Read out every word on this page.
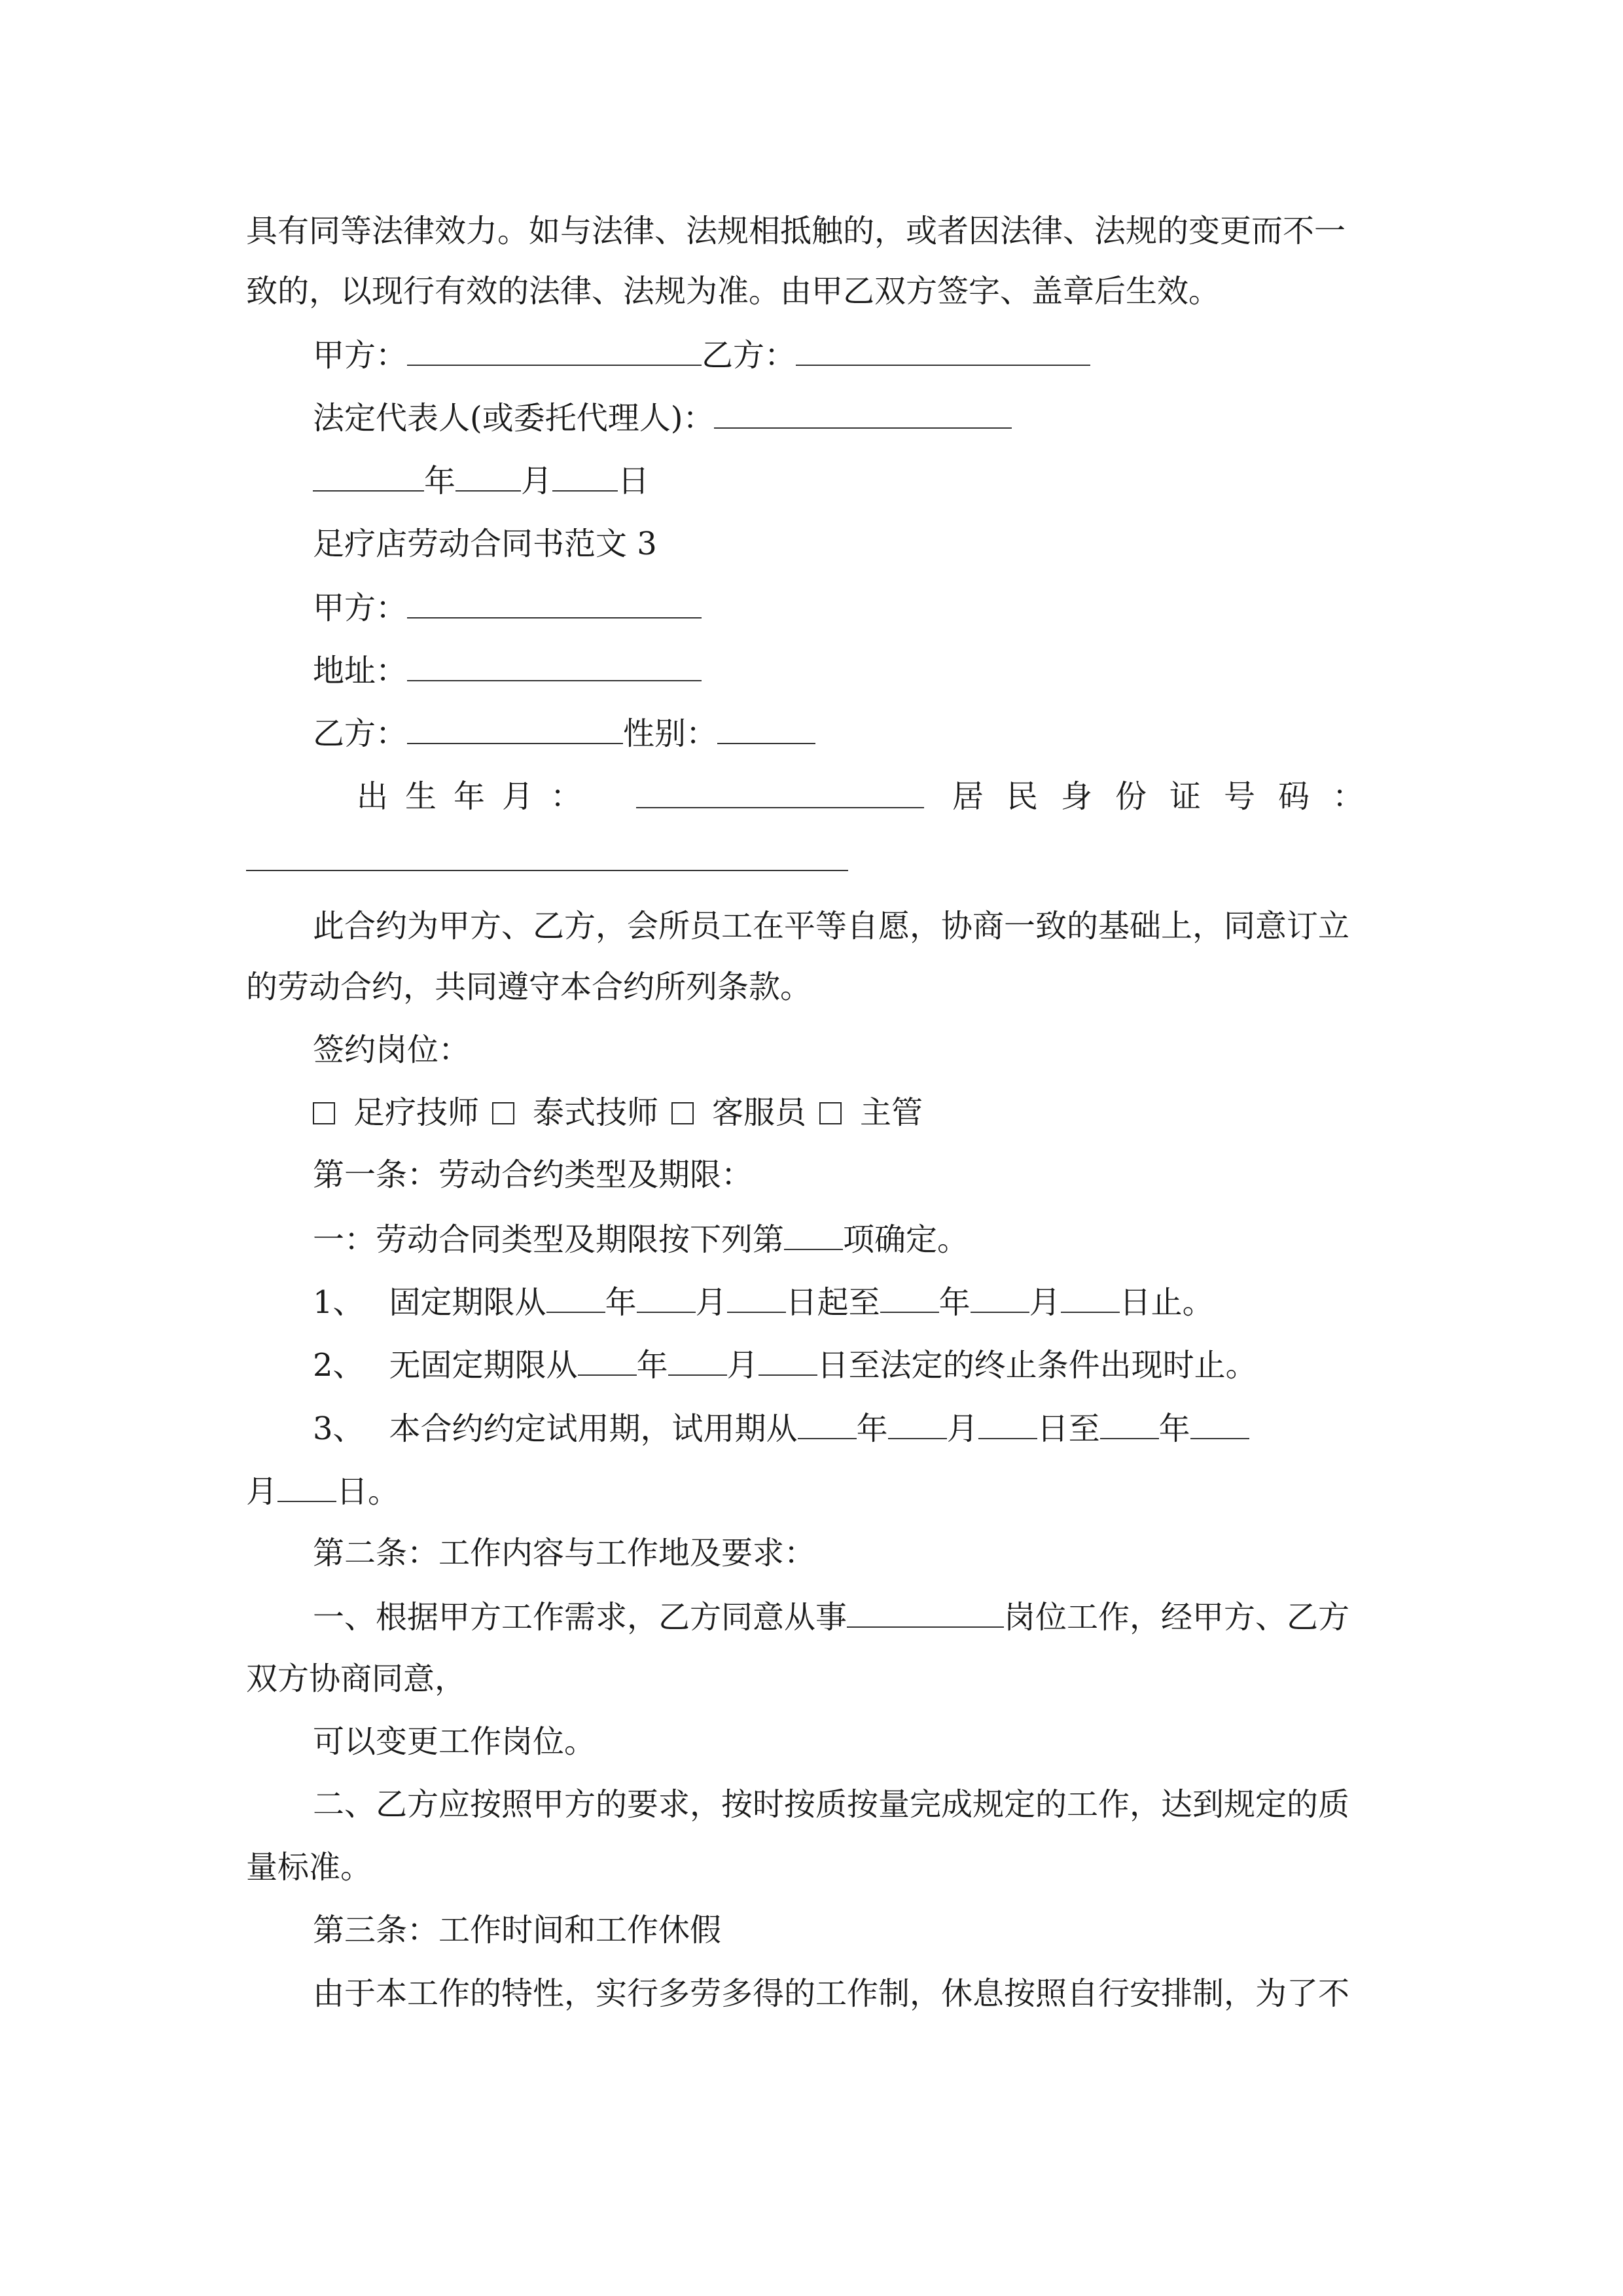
具有同等法律效力。如与法律、法规相抵触的，或者因法律、法规的变更而不一
致的，以现行有效的法律、法规为准。由甲乙双方签字、盖章后生效。
甲方：	乙方：
法定代表人(或委托代理人)：
年 月 日
足疗店劳动合同书范文 3
甲方：
地址：
乙方：	性别：
出生年月：	居民身份证号码：
此合约为甲方、乙方，会所员工在平等自愿，协商一致的基础上，同意订立
的劳动合约，共同遵守本合约所列条款。
签约岗位：
足疗技师 泰式技师 客服员 主管
第一条：劳动合约类型及期限：
一：劳动合同类型及期限按下列第 项确定。
1、 固定期限从 年 月 日起至 年 月 日止。
2、 无固定期限从 年 月 日至法定的终止条件出现时止。
3、 本合约约定试用期，试用期从 年 月 日至 年
月 日。
第二条：工作内容与工作地及要求：
一、根据甲方工作需求，乙方同意从事	岗位工作，经甲方、乙方
双方协商同意，
可以变更工作岗位。
二、乙方应按照甲方的要求，按时按质按量完成规定的工作，达到规定的质
量标准。
第三条：工作时间和工作休假
由于本工作的特性，实行多劳多得的工作制，休息按照自行安排制，为了不
